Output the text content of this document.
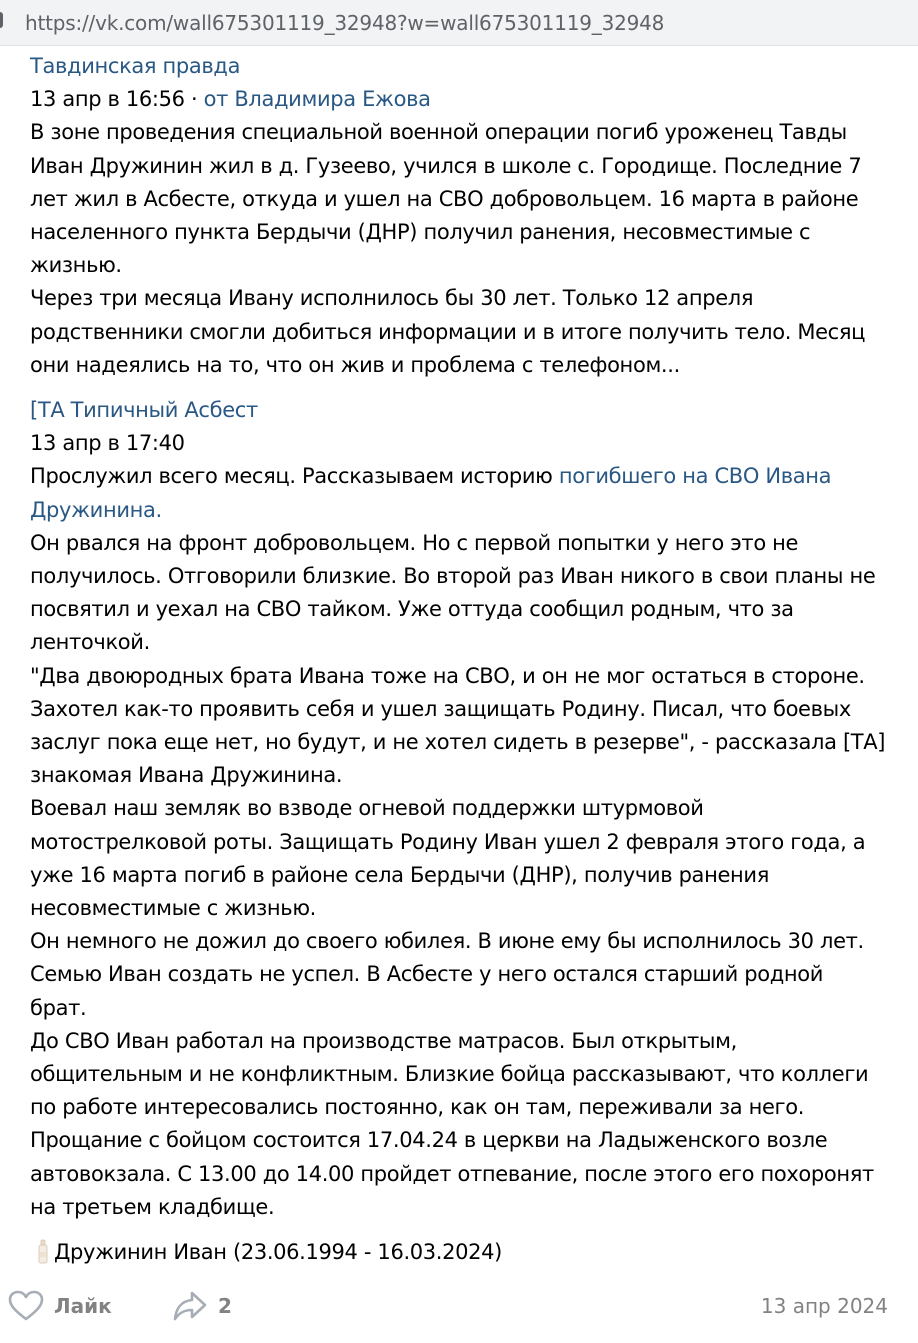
https://vk.com/wall675301119_32948?w=wall675301119_32948
Тавдинская правда
13 апр в 16:56 · от Владимира Ежова
В зоне проведения специальной военной операции погиб уроженец Тавды
Иван Дружинин жил в д. Гузеево, учился в школе с. Городище. Последние 7
лет жил в Асбесте, откуда и ушел на СВО добровольцем. 16 марта в районе
населенного пункта Бердычи (ДНР) получил ранения, несовместимые с
жизнью.
Через три месяца Ивану исполнилось бы 30 лет. Только 12 апреля
родственники смогли добиться информации и в итоге получить тело. Месяц
они надеялись на то, что он жив и проблема с телефоном...
[ТА Типичный Асбест
13 апр в 17:40
Прослужил всего месяц. Рассказываем историю погибшего на СВО Ивана
Дружинина.
Он рвался на фронт добровольцем. Но с первой попытки у него это не
получилось. Отговорили близкие. Во второй раз Иван никого в свои планы не
посвятил и уехал на СВО тайком. Уже оттуда сообщил родным, что за
ленточкой.
"Два двоюродных брата Ивана тоже на СВО, и он не мог остаться в стороне.
Захотел как-то проявить себя и ушел защищать Родину. Писал, что боевых
заслуг пока еще нет, но будут, и не хотел сидеть в резерве", - рассказала [ТА]
знакомая Ивана Дружинина.
Воевал наш земляк во взводе огневой поддержки штурмовой
мотострелковой роты. Защищать Родину Иван ушел 2 февраля этого года, а
уже 16 марта погиб в районе села Бердычи (ДНР), получив ранения
несовместимые с жизнью.
Он немного не дожил до своего юбилея. В июне ему бы исполнилось 30 лет.
Семью Иван создать не успел. В Асбесте у него остался старший родной
брат.
До СВО Иван работал на производстве матрасов. Был открытым,
общительным и не конфликтным. Близкие бойца рассказывают, что коллеги
по работе интересовались постоянно, как он там, переживали за него.
Прощание с бойцом состоится 17.04.24 в церкви на Ладыженского возле
автовокзала. С 13.00 до 14.00 пройдет отпевание, после этого его похоронят
на третьем кладбище.
Дружинин Иван (23.06.1994 - 16.03.2024)
Лайк	2	13 апр 2024
